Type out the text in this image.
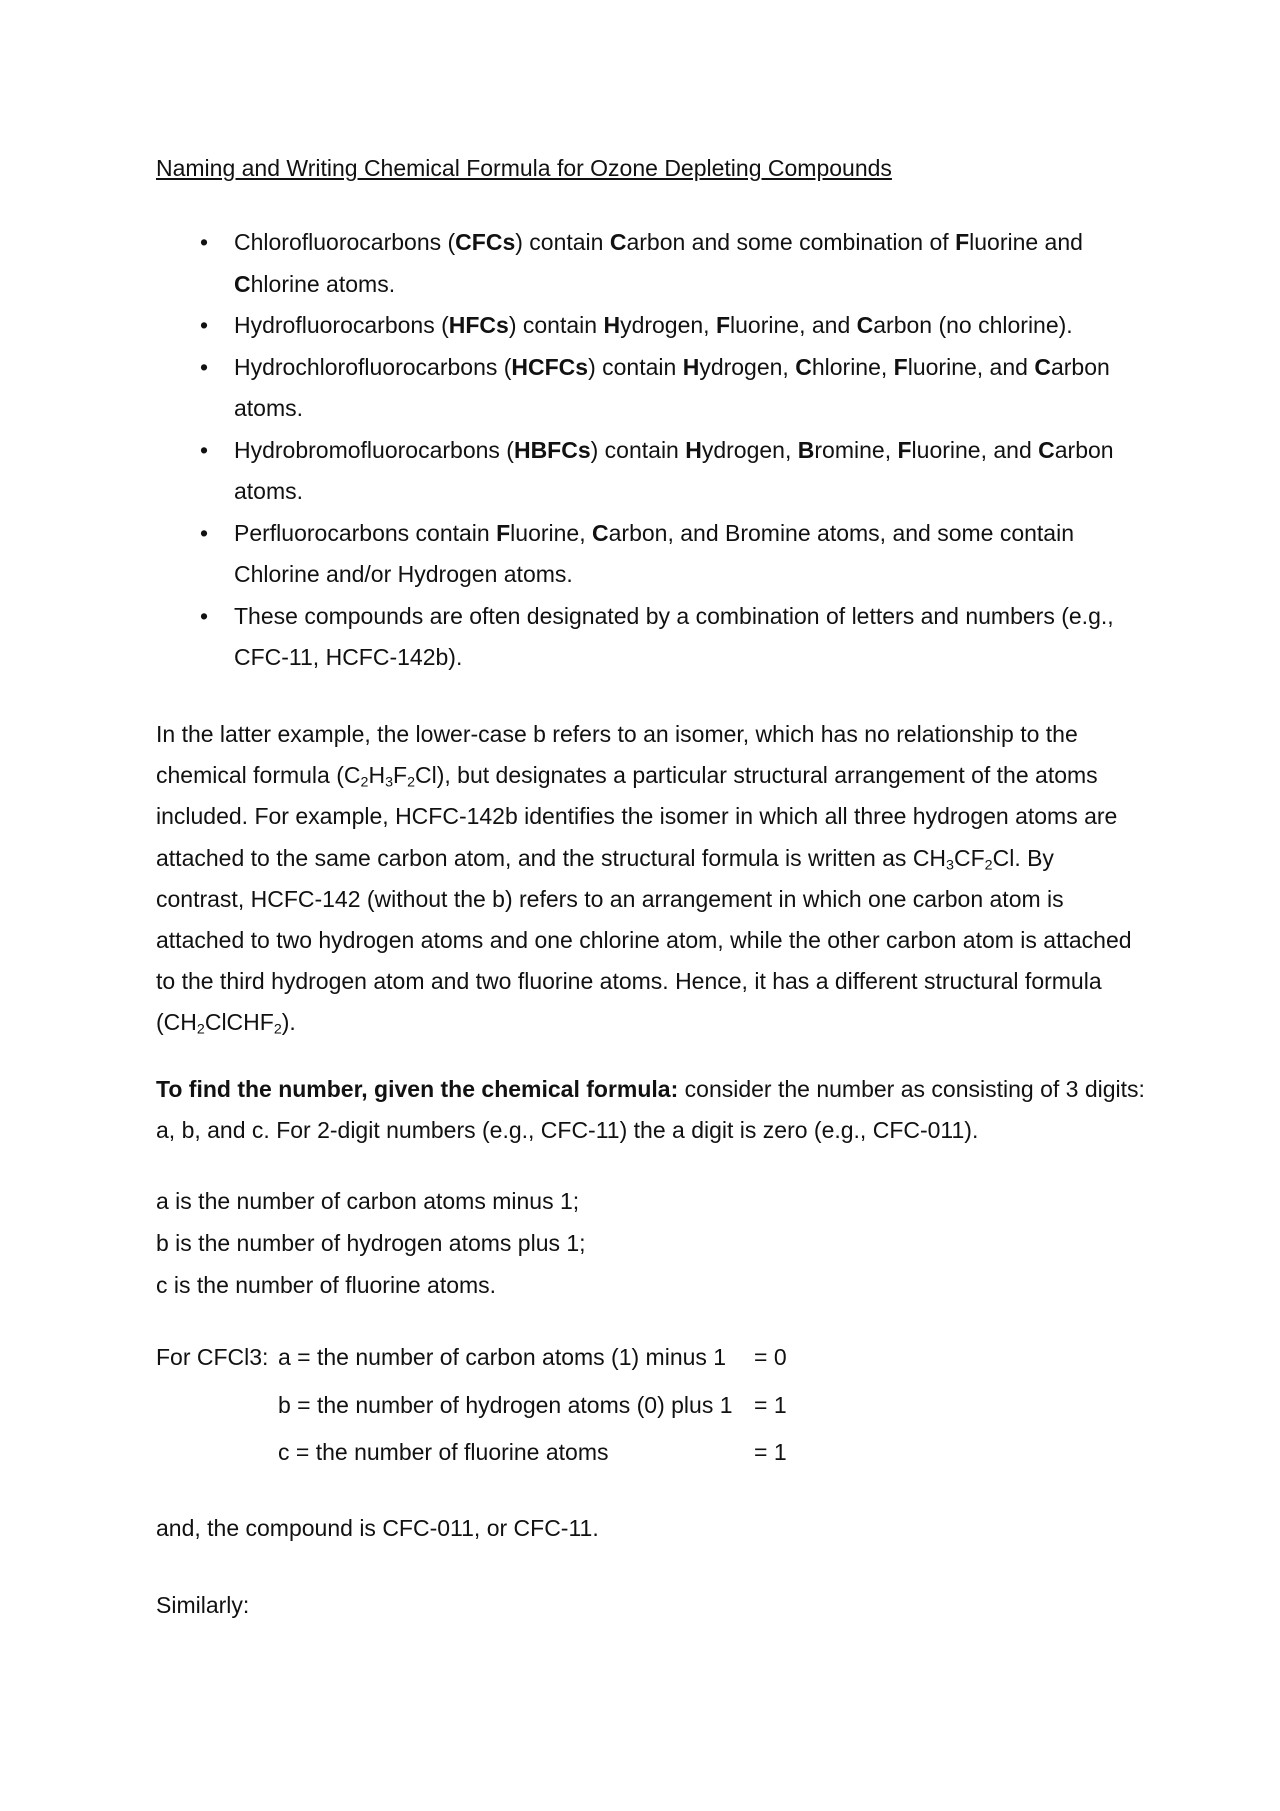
Naming and Writing Chemical Formula for Ozone Depleting Compounds
• Chlorofluorocarbons (CFCs) contain Carbon and some combination of Fluorine and Chlorine atoms.
• Hydrofluorocarbons (HFCs) contain Hydrogen, Fluorine, and Carbon (no chlorine).
• Hydrochlorofluorocarbons (HCFCs) contain Hydrogen, Chlorine, Fluorine, and Carbon atoms.
• Hydrobromofluorocarbons (HBFCs) contain Hydrogen, Bromine, Fluorine, and Carbon atoms.
• Perfluorocarbons contain Fluorine, Carbon, and Bromine atoms, and some contain Chlorine and/or Hydrogen atoms.
• These compounds are often designated by a combination of letters and numbers (e.g., CFC-11, HCFC-142b).
In the latter example, the lower-case b refers to an isomer, which has no relationship to the chemical formula $(C_2H_3F_2Cl)$, but designates a particular structural arrangement of the atoms included. For example, HCFC-142b identifies the isomer in which all three hydrogen atoms are attached to the same carbon atom, and the structural formula is written as $CH_3CF_2Cl$. By contrast, HCFC-142 (without the b) refers to an arrangement in which one carbon atom is attached to two hydrogen atoms and one chlorine atom, while the other carbon atom is attached to the third hydrogen atom and two fluorine atoms. Hence, it has a different structural formula $(CH_2ClCHF_2)$.
To find the number, given the chemical formula: consider the number as consisting of 3 digits: a, b, and c. For 2-digit numbers (e.g., CFC-11) the a digit is zero (e.g., CFC-011).
a is the number of carbon atoms minus 1;
b is the number of hydrogen atoms plus 1;
c is the number of fluorine atoms.
For CFCl3: a = the number of carbon atoms (1) minus 1 = 0
b = the number of hydrogen atoms (0) plus 1 = 1
c = the number of fluorine atoms	= 1
and, the compound is CFC-011, or CFC-11.
Similarly:
